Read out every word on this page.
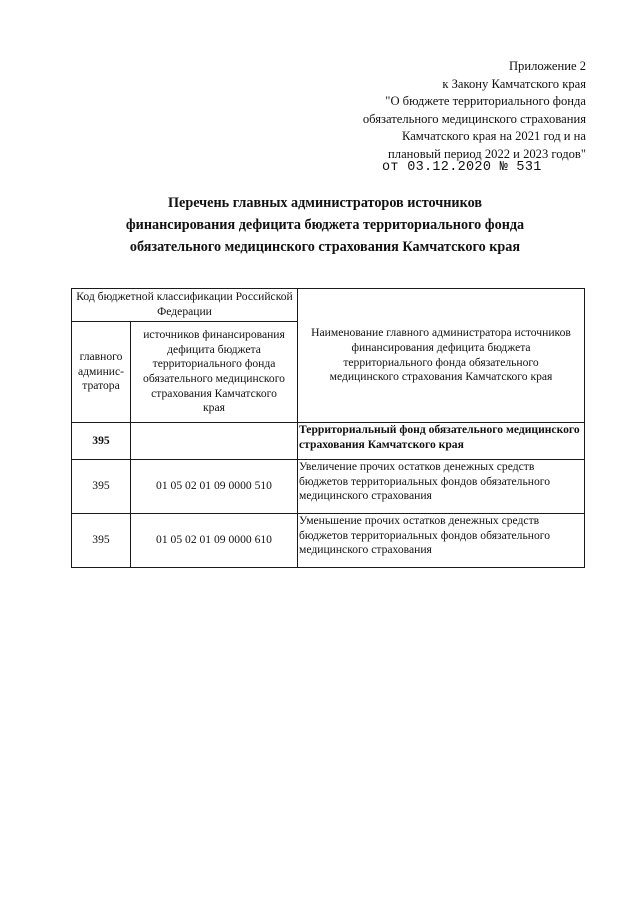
Приложение 2
к Закону Камчатского края
"О бюджете территориального фонда
обязательного медицинского страхования
Камчатского края на 2021 год и на
плановый период 2022 и 2023 годов"
от 03.12.2020 № 531
Перечень главных администраторов источников
финансирования дефицита бюджета территориального фонда
обязательного медицинского страхования Камчатского края
Код бюджетной классификации Российской Федерации		Наименование главного администратора источников финансирования дефицита бюджета территориального фонда обязательного медицинского страхования Камчатского края
главного админис-тратора	источников финансирования дефицита бюджета территориального фонда обязательного медицинского страхования Камчатского края	
395		Территориальный фонд обязательного медицинского страхования Камчатского края
395	01 05 02 01 09 0000 510	Увеличение прочих остатков денежных средств бюджетов территориальных фондов обязательного медицинского страхования
395	01 05 02 01 09 0000 610	Уменьшение прочих остатков денежных средств бюджетов территориальных фондов обязательного медицинского страхования
